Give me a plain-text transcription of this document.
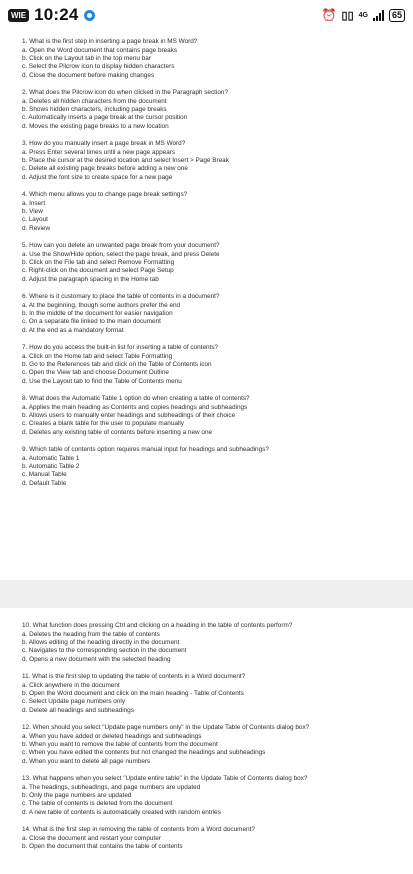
WIE 10:24	⏰ ▯▯ 4G	65
1. What is the first step in inserting a page break in MS Word?
a. Open the Word document that contains page breaks
b. Click on the Layout tab in the top menu bar
c. Select the Pilcrow icon to display hidden characters
d. Close the document before making changes
2. What does the Pilcrow icon do when clicked in the Paragraph section?
a. Deletes all hidden characters from the document
b. Shows hidden characters, including page breaks
c. Automatically inserts a page break at the cursor position
d. Moves the existing page breaks to a new location
3. How do you manually insert a page break in MS Word?
a. Press Enter several times until a new page appears
b. Place the cursor at the desired location and select Insert > Page Break
c. Delete all existing page breaks before adding a new one
d. Adjust the font size to create space for a new page
4. Which menu allows you to change page break settings?
a. Insert
b. View
c. Layout
d. Review
5. How can you delete an unwanted page break from your document?
a. Use the Show/Hide option, select the page break, and press Delete
b. Click on the File tab and select Remove Formatting
c. Right-click on the document and select Page Setup
d. Adjust the paragraph spacing in the Home tab
6. Where is it customary to place the table of contents in a document?
a. At the beginning, though some authors prefer the end
b. In the middle of the document for easier navigation
c. On a separate file linked to the main document
d. At the end as a mandatory format
7. How do you access the built-in list for inserting a table of contents?
a. Click on the Home tab and select Table Formatting
b. Go to the References tab and click on the Table of Contents icon
c. Open the View tab and choose Document Outline
d. Use the Layout tab to find the Table of Contents menu
8. What does the Automatic Table 1 option do when creating a table of contents?
a. Applies the main heading as Contents and copies headings and subheadings
b. Allows users to manually enter headings and subheadings of their choice
c. Creates a blank table for the user to populate manually
d. Deletes any existing table of contents before inserting a new one
9. Which table of contents option requires manual input for headings and subheadings?
a. Automatic Table 1
b. Automatic Table 2
c. Manual Table
d. Default Table
10. What function does pressing Ctrl and clicking on a heading in the table of contents perform?
a. Deletes the heading from the table of contents
b. Allows editing of the heading directly in the document
c. Navigates to the corresponding section in the document
d. Opens a new document with the selected heading
11. What is the first step to updating the table of contents in a Word document?
a. Click anywhere in the document
b. Open the Word document and click on the main heading - Table of Contents
c. Select Update page numbers only
d. Delete all headings and subheadings
12. When should you select "Update page numbers only" in the Update Table of Contents dialog box?
a. When you have added or deleted headings and subheadings
b. When you want to remove the table of contents from the document
c. When you have edited the contents but not changed the headings and subheadings
d. When you want to delete all page numbers
13. What happens when you select "Update entire table" in the Update Table of Contents dialog box?
a. The headings, subheadings, and page numbers are updated
b. Only the page numbers are updated
c. The table of contents is deleted from the document
d. A new table of contents is automatically created with random entries
14. What is the first step in removing the table of contents from a Word document?
a. Close the document and restart your computer
b. Open the document that contains the table of contents
